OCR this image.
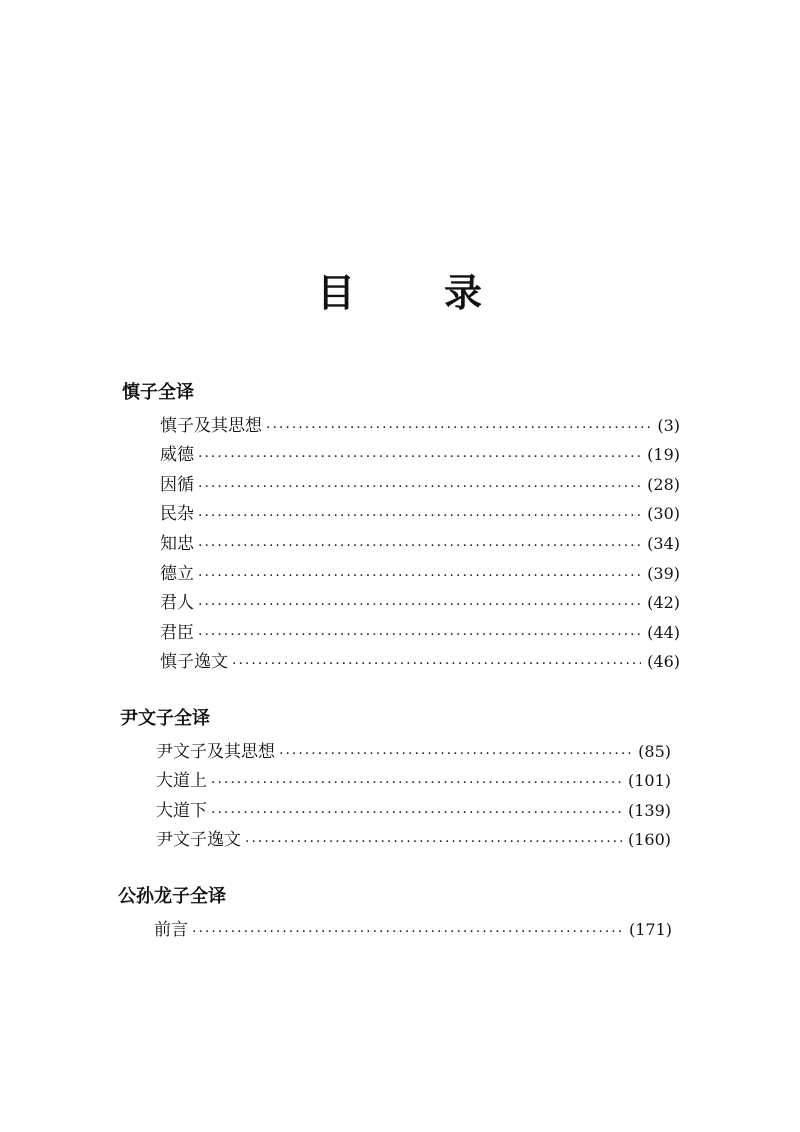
目 录
慎子全译
慎子及其思想 ·····	(3)
威德 ·····	(19)
因循 ·····	(28)
民杂 ·····	(30)
知忠 ·····	(34)
德立 ·····	(39)
君人 ·····	(42)
君臣 ·····	(44)
慎子逸文 ·····	(46)
尹文子全译
尹文子及其思想 ·····	(85)
大道上 ·····	(101)
大道下 ·····	(139)
尹文子逸文 ·····	(160)
公孙龙子全译
前言 ·····	(171)
